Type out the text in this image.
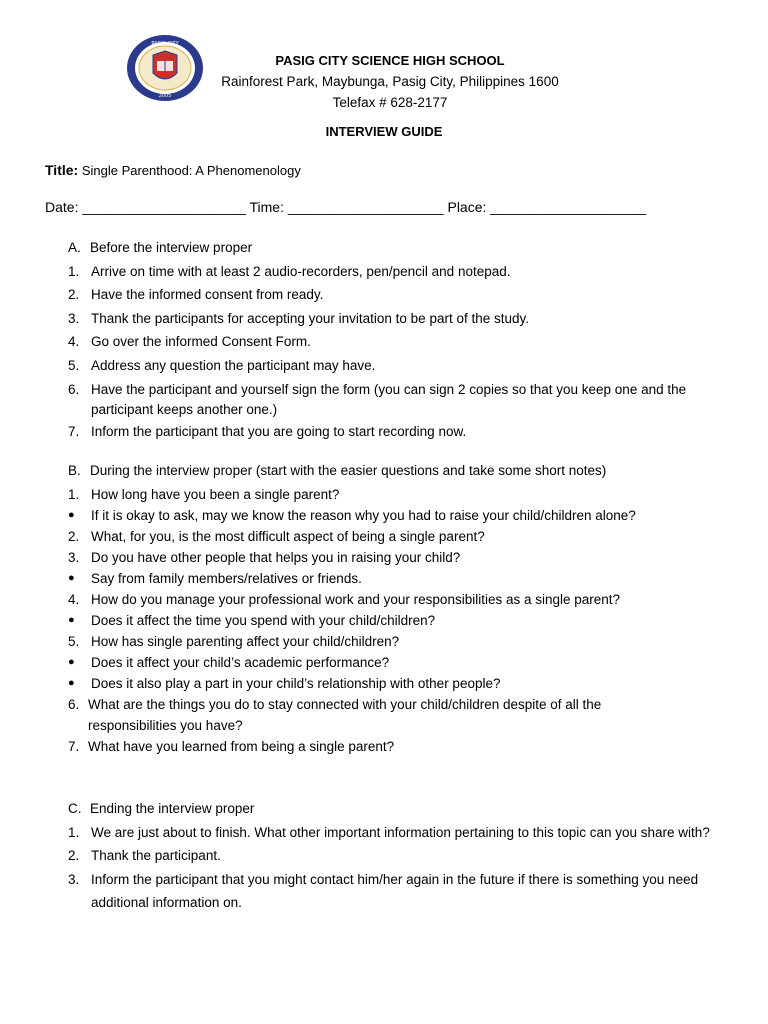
PASIG CITY
2005
PASIG CITY SCIENCE HIGH SCHOOL
Rainforest Park, Maybunga, Pasig City, Philippines 1600
Telefax # 628-2177
INTERVIEW GUIDE
Title: Single Parenthood: A Phenomenology
Date: _____________________ Time: ____________________ Place: ____________________
A. Before the interview proper
1. Arrive on time with at least 2 audio-recorders, pen/pencil and notepad.
2. Have the informed consent from ready.
3. Thank the participants for accepting your invitation to be part of the study.
4. Go over the informed Consent Form.
5. Address any question the participant may have.
6. Have the participant and yourself sign the form (you can sign 2 copies so that you keep one and the participant keeps another one.)
7. Inform the participant that you are going to start recording now.
B. During the interview proper (start with the easier questions and take some short notes)
1. How long have you been a single parent?
●	If it is okay to ask, may we know the reason why you had to raise your child/children alone?
2. What, for you, is the most difficult aspect of being a single parent?
3. Do you have other people that helps you in raising your child?
●	Say from family members/relatives or friends.
4. How do you manage your professional work and your responsibilities as a single parent?
●	Does it affect the time you spend with your child/children?
5. How has single parenting affect your child/children?
●	Does it affect your child’s academic performance?
●	Does it also play a part in your child’s relationship with other people?
6. What are the things you do to stay connected with your child/children despite of all the responsibilities you have?
7. What have you learned from being a single parent?
C. Ending the interview proper
1. We are just about to finish. What other important information pertaining to this topic can you share with?
2. Thank the participant.
3. Inform the participant that you might contact him/her again in the future if there is something you need additional information on.
